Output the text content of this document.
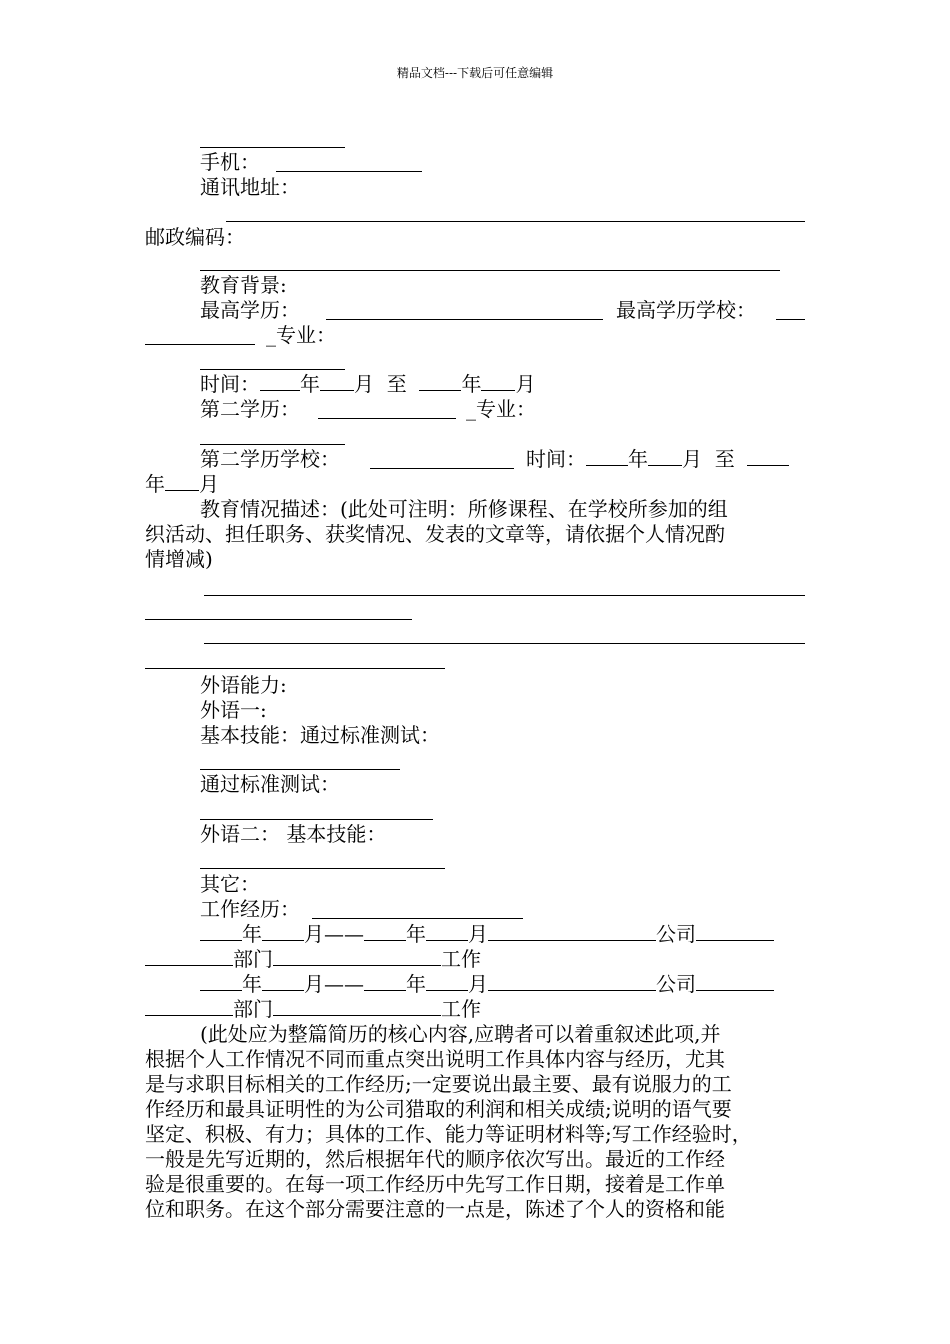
精品文档---下载后可任意编辑
手机：
通讯地址：
邮政编码：
教育背景:
最高学历：	最高学历学校：
_专业：
时间： 年 月 至	年 月
第二学历：	_专业：
第二学历学校：	时间： 年 月 至
年 月
教育情况描述：(此处可注明：所修课程、在学校所参加的组
织活动、担任职务、获奖情况、发表的文章等，请依据个人情况酌
情增减)
外语能力:
外语一:
基本技能：通过标准测试：
通过标准测试：
外语二： 基本技能：
其它：
工作经历：
年 月—— 年 月	公司
部门	工作
年 月—— 年 月	公司
部门	工作
(此处应为整篇简历的核心内容,应聘者可以着重叙述此项,并
根据个人工作情况不同而重点突出说明工作具体内容与经历，尤其
是与求职目标相关的工作经历;一定要说出最主要、最有说服力的工
作经历和最具证明性的为公司猎取的利润和相关成绩;说明的语气要
坚定、积极、有力；具体的工作、能力等证明材料等;写工作经验时，
一般是先写近期的，然后根据年代的顺序依次写出。最近的工作经
验是很重要的。在每一项工作经历中先写工作日期，接着是工作单
位和职务。在这个部分需要注意的一点是，陈述了个人的资格和能
